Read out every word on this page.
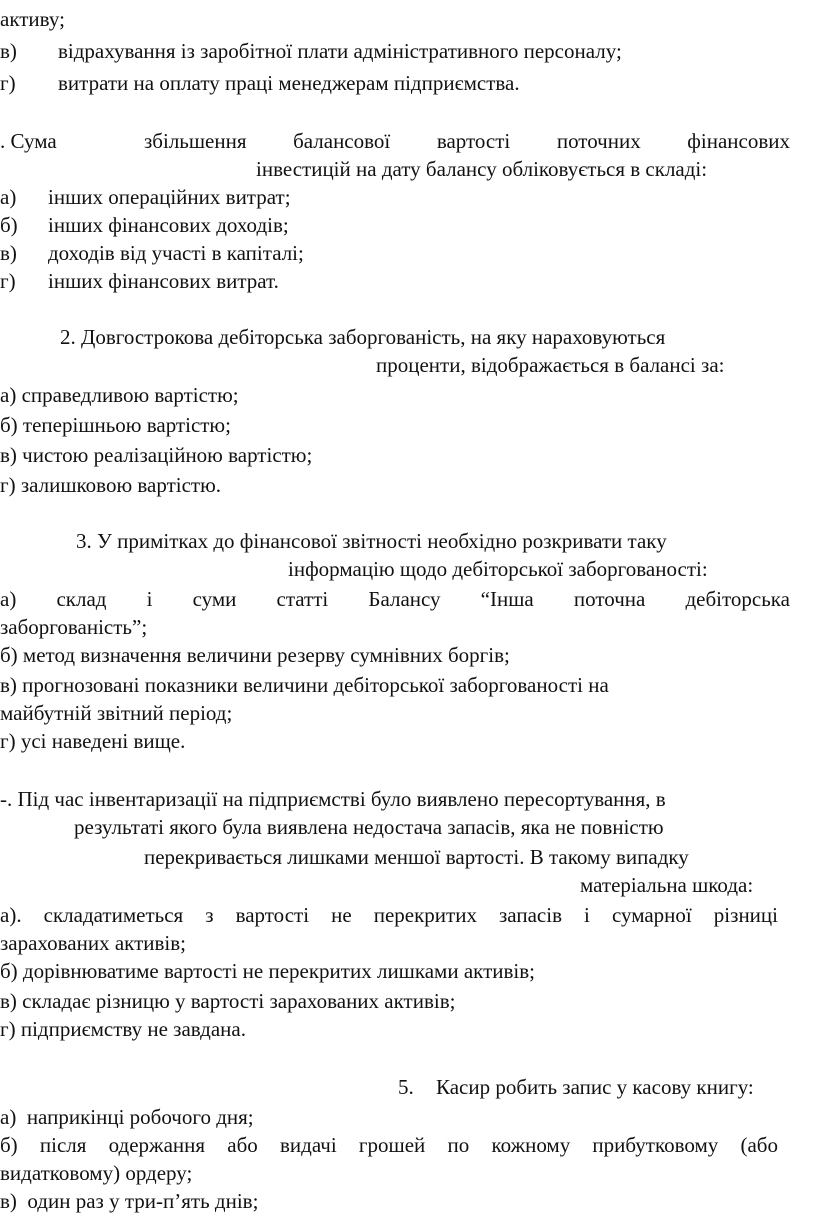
активу;
в) відрахування із заробітної плати адміністративного персоналу;
г) витрати на оплату праці менеджерам підприємства.
. Сума	збільшення балансової вартості поточних фінансових
інвестицій на дату балансу обліковується в складі:
а) інших операційних витрат;
б) інших фінансових доходів;
в) доходів від участі в капіталі;
г) інших фінансових витрат.
2. Довгострокова дебіторська заборгованість, на яку нараховуються
проценти, відображається в балансі за:
а) справедливою вартістю;
б) теперішньою вартістю;
в) чистою реалізаційною вартістю;
г) залишковою вартістю.
3. У примітках до фінансової звітності необхідно розкривати таку
інформацію щодо дебіторської заборгованості:
а) склад і суми статті Балансу “Інша поточна дебіторська
заборгованість”;
б) метод визначення величини резерву сумнівних боргів;
в) прогнозовані показники величини дебіторської заборгованості на
майбутній звітний період;
г) усі наведені вище.
-. Під час інвентаризації на підприємстві було виявлено пересортування, в
результаті якого була виявлена недостача запасів, яка не повністю
перекривається лишками меншої вартості. В такому випадку
матеріальна шкода:
а). складатиметься з вартості не перекритих запасів і сумарної різниці
зарахованих активів;
б) дорівнюватиме вартості не перекритих лишками активів;
в) складає різницю у вартості зарахованих активів;
г) підприємству не завдана.
5. Касир робить запис у касову книгу:
а)  наприкінці робочого дня;
б) після одержання або видачі грошей по кожному прибутковому (або
видатковому) ордеру;
в)  один раз у три-п’ять днів;
